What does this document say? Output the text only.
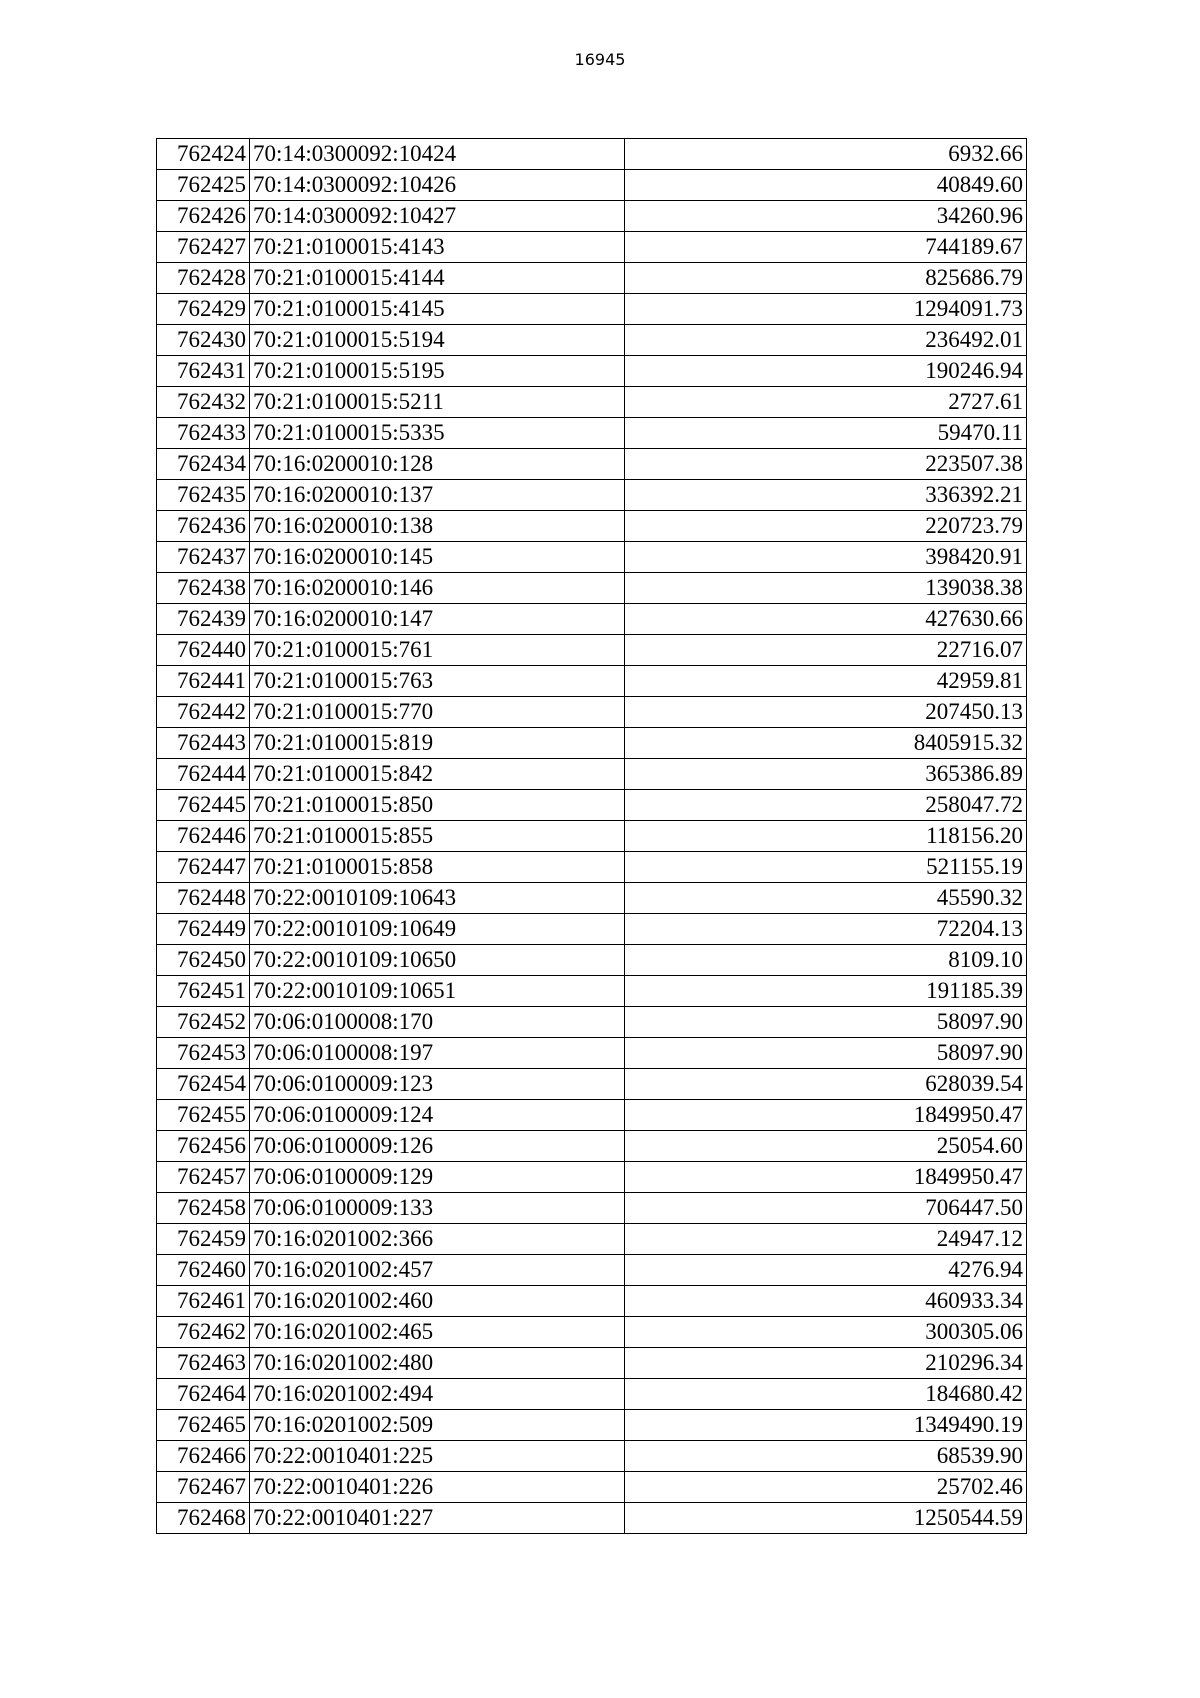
16945
762424	70:14:0300092:10424	6932.66
762425	70:14:0300092:10426	40849.60
762426	70:14:0300092:10427	34260.96
762427	70:21:0100015:4143	744189.67
762428	70:21:0100015:4144	825686.79
762429	70:21:0100015:4145	1294091.73
762430	70:21:0100015:5194	236492.01
762431	70:21:0100015:5195	190246.94
762432	70:21:0100015:5211	2727.61
762433	70:21:0100015:5335	59470.11
762434	70:16:0200010:128	223507.38
762435	70:16:0200010:137	336392.21
762436	70:16:0200010:138	220723.79
762437	70:16:0200010:145	398420.91
762438	70:16:0200010:146	139038.38
762439	70:16:0200010:147	427630.66
762440	70:21:0100015:761	22716.07
762441	70:21:0100015:763	42959.81
762442	70:21:0100015:770	207450.13
762443	70:21:0100015:819	8405915.32
762444	70:21:0100015:842	365386.89
762445	70:21:0100015:850	258047.72
762446	70:21:0100015:855	118156.20
762447	70:21:0100015:858	521155.19
762448	70:22:0010109:10643	45590.32
762449	70:22:0010109:10649	72204.13
762450	70:22:0010109:10650	8109.10
762451	70:22:0010109:10651	191185.39
762452	70:06:0100008:170	58097.90
762453	70:06:0100008:197	58097.90
762454	70:06:0100009:123	628039.54
762455	70:06:0100009:124	1849950.47
762456	70:06:0100009:126	25054.60
762457	70:06:0100009:129	1849950.47
762458	70:06:0100009:133	706447.50
762459	70:16:0201002:366	24947.12
762460	70:16:0201002:457	4276.94
762461	70:16:0201002:460	460933.34
762462	70:16:0201002:465	300305.06
762463	70:16:0201002:480	210296.34
762464	70:16:0201002:494	184680.42
762465	70:16:0201002:509	1349490.19
762466	70:22:0010401:225	68539.90
762467	70:22:0010401:226	25702.46
762468	70:22:0010401:227	1250544.59
